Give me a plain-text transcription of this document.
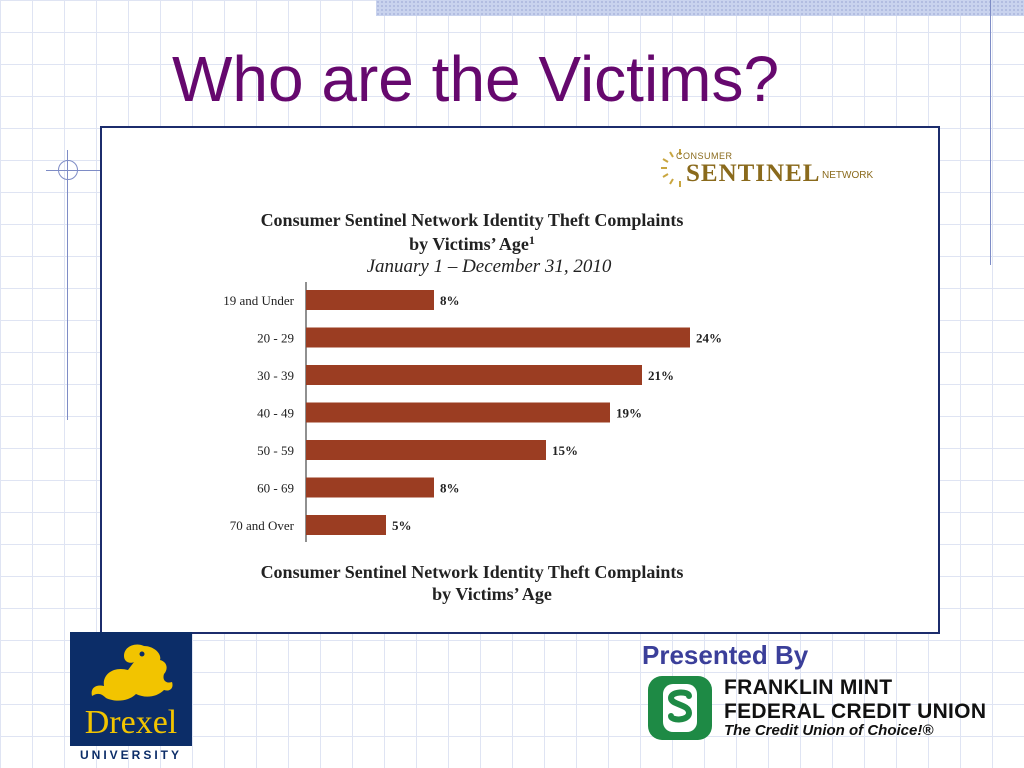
Who are the Victims?
CONSUMER
SENTINEL NETWORK
Consumer Sentinel Network Identity Theft Complaints
by Victims’ Age$^1$
January 1 – December 31, 2010
19 and Under	8%
20 - 29	24%
30 - 39	21%
40 - 49	19%
50 - 59	15%
60 - 69	8%
70 and Over	5%
Consumer Sentinel Network Identity Theft Complaints
by Victims’ Age
Drexel
UNIVERSITY
Presented By
FRANKLIN MINT
FEDERAL CREDIT UNION
The Credit Union of Choice!®
